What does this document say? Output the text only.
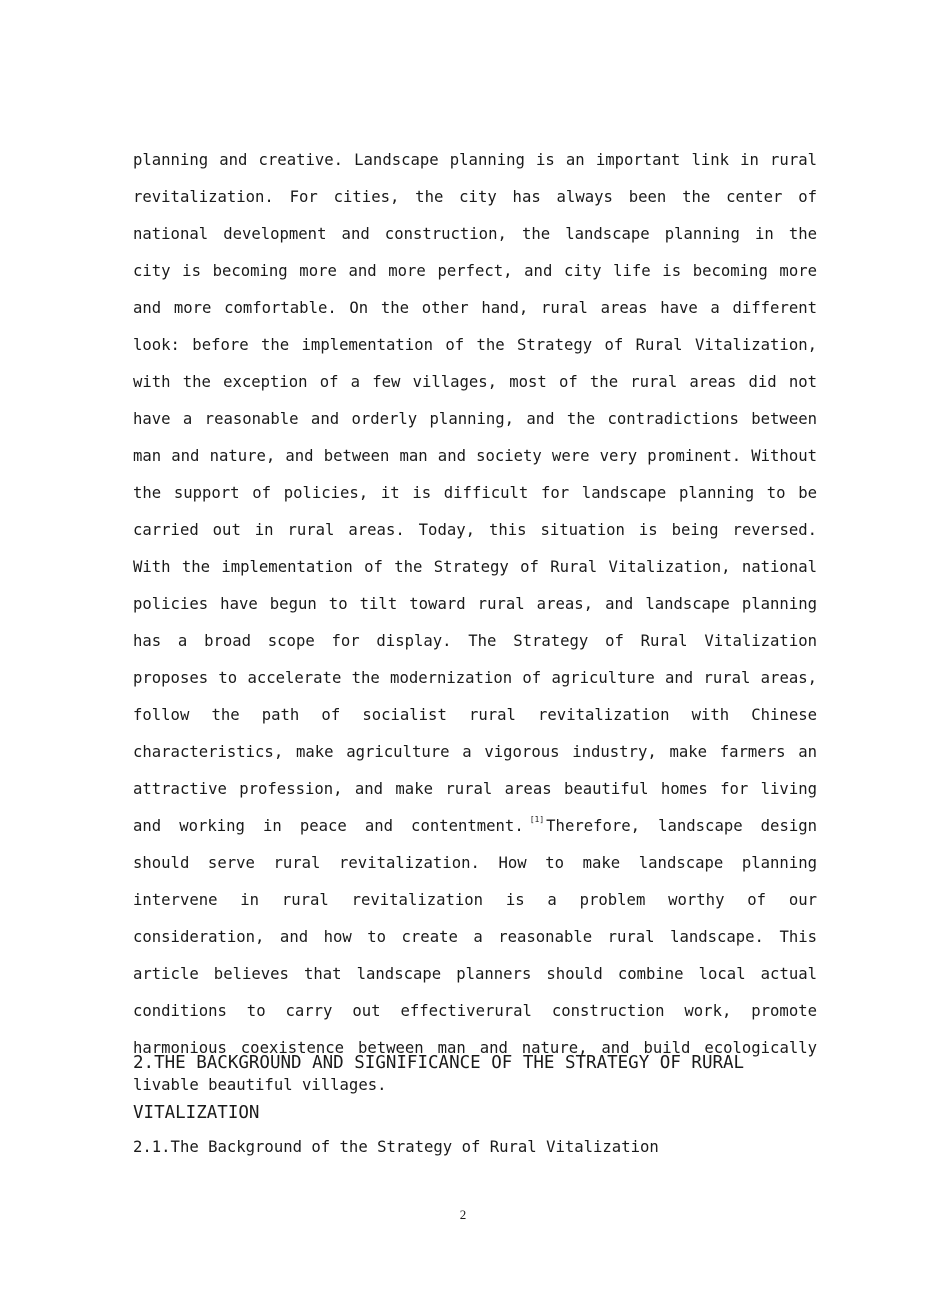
planning and creative. Landscape planning is an important link in rural revitalization. For cities, the city has always been the center of national development and construction, the landscape planning in the city is becoming more and more perfect, and city life is becoming more and more comfortable. On the other hand, rural areas have a different look: before the implementation of the Strategy of Rural Vitalization, with the exception of a few villages, most of the rural areas did not have a reasonable and orderly planning, and the contradictions between man and nature, and between man and society were very prominent. Without the support of policies, it is difficult for landscape planning to be carried out in rural areas. Today, this situation is being reversed. With the implementation of the Strategy of Rural Vitalization, national policies have begun to tilt toward rural areas, and landscape planning has a broad scope for display. The Strategy of Rural Vitalization proposes to accelerate the modernization of agriculture and rural areas, follow the path of socialist rural revitalization with Chinese characteristics, make agriculture a vigorous industry, make farmers an attractive profession, and make rural areas beautiful homes for living and working in peace and contentment. [1] Therefore, landscape design should serve rural revitalization. How to make landscape planning intervene in rural revitalization is a problem worthy of our consideration, and how to create a reasonable rural landscape. This article believes that landscape planners should combine local actual conditions to carry out effectiverural construction work, promote harmonious coexistence between man and nature, and build ecologically livable beautiful villages.

2.THE BACKGROUND AND SIGNIFICANCE OF THE STRATEGY OF RURAL VITALIZATION
2.1.The Background of the Strategy of Rural Vitalization
2
